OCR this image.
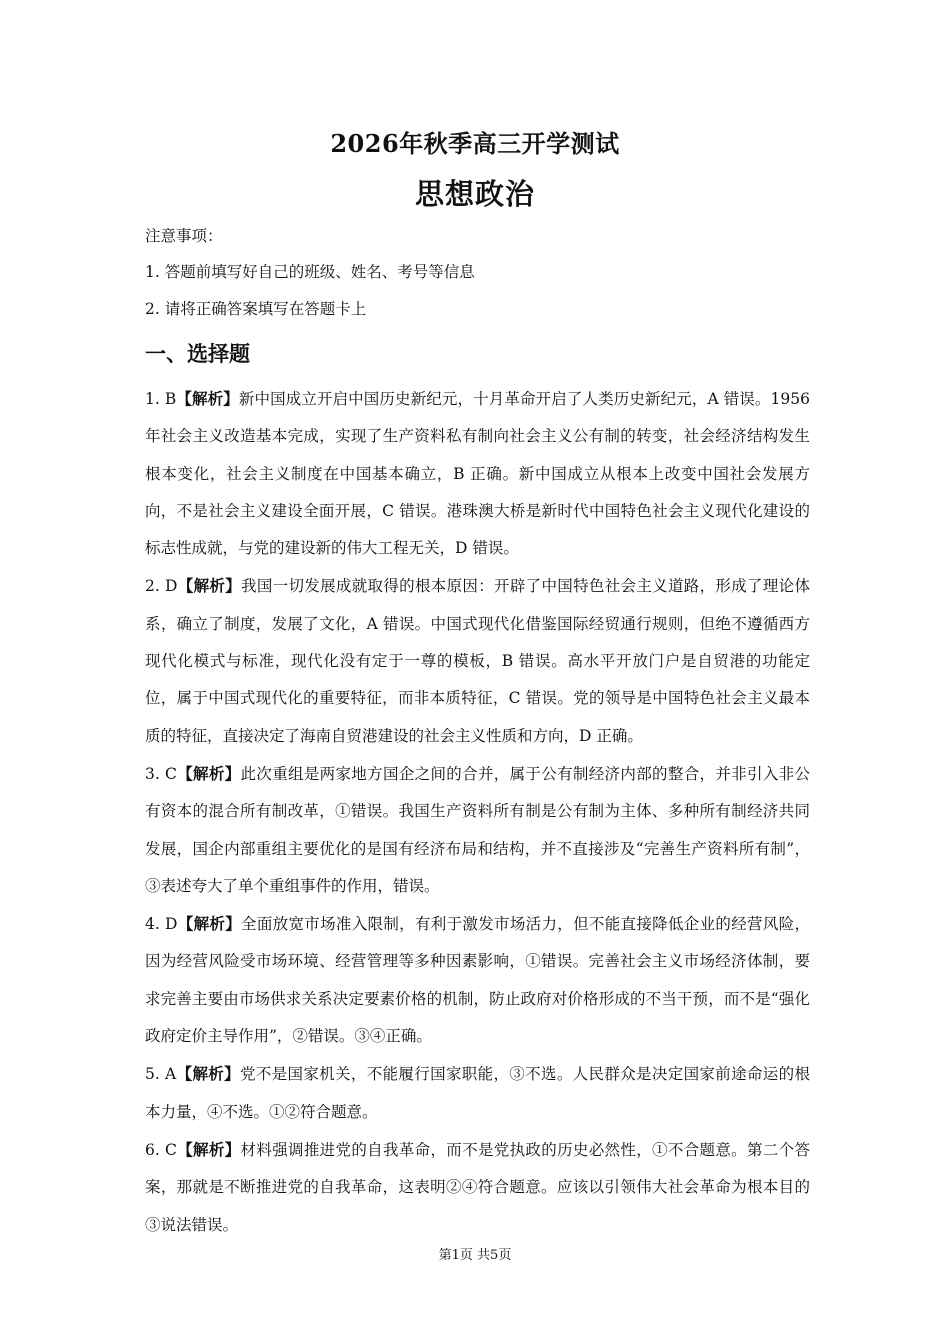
2026年秋季高三开学测试
思想政治
注意事项：
1. 答题前填写好自己的班级、姓名、考号等信息
2. 请将正确答案填写在答题卡上
一、选择题

1. B【解析】新中国成立开启中国历史新纪元，十月革命开启了人类历史新纪元，A 错误。1956 年社会主义改造基本完成，实现了生产资料私有制向社会主义公有制的转变，社会经济结构发生根本变化，社会主义制度在中国基本确立，B 正确。新中国成立从根本上改变中国社会发展方向，不是社会主义建设全面开展，C 错误。港珠澳大桥是新时代中国特色社会主义现代化建设的标志性成就，与党的建设新的伟大工程无关，D 错误。

2. D【解析】我国一切发展成就取得的根本原因：开辟了中国特色社会主义道路，形成了理论体系，确立了制度，发展了文化，A 错误。中国式现代化借鉴国际经贸通行规则，但绝不遵循西方现代化模式与标准，现代化没有定于一尊的模板，B 错误。高水平开放门户是自贸港的功能定位，属于中国式现代化的重要特征，而非本质特征，C 错误。党的领导是中国特色社会主义最本质的特征，直接决定了海南自贸港建设的社会主义性质和方向，D 正确。

3. C【解析】此次重组是两家地方国企之间的合并，属于公有制经济内部的整合，并非引入非公有资本的混合所有制改革，①错误。我国生产资料所有制是公有制为主体、多种所有制经济共同发展，国企内部重组主要优化的是国有经济布局和结构，并不直接涉及“完善生产资料所有制”，③表述夸大了单个重组事件的作用，错误。

4. D【解析】全面放宽市场准入限制，有利于激发市场活力，但不能直接降低企业的经营风险，因为经营风险受市场环境、经营管理等多种因素影响，①错误。完善社会主义市场经济体制，要求完善主要由市场供求关系决定要素价格的机制，防止政府对价格形成的不当干预，而不是“强化政府定价主导作用”，②错误。③④正确。

5. A【解析】党不是国家机关，不能履行国家职能，③不选。人民群众是决定国家前途命运的根本力量，④不选。①②符合题意。

6. C【解析】材料强调推进党的自我革命，而不是党执政的历史必然性，①不合题意。第二个答案，那就是不断推进党的自我革命，这表明②④符合题意。应该以引领伟大社会革命为根本目的③说法错误。

第1页 共5页
